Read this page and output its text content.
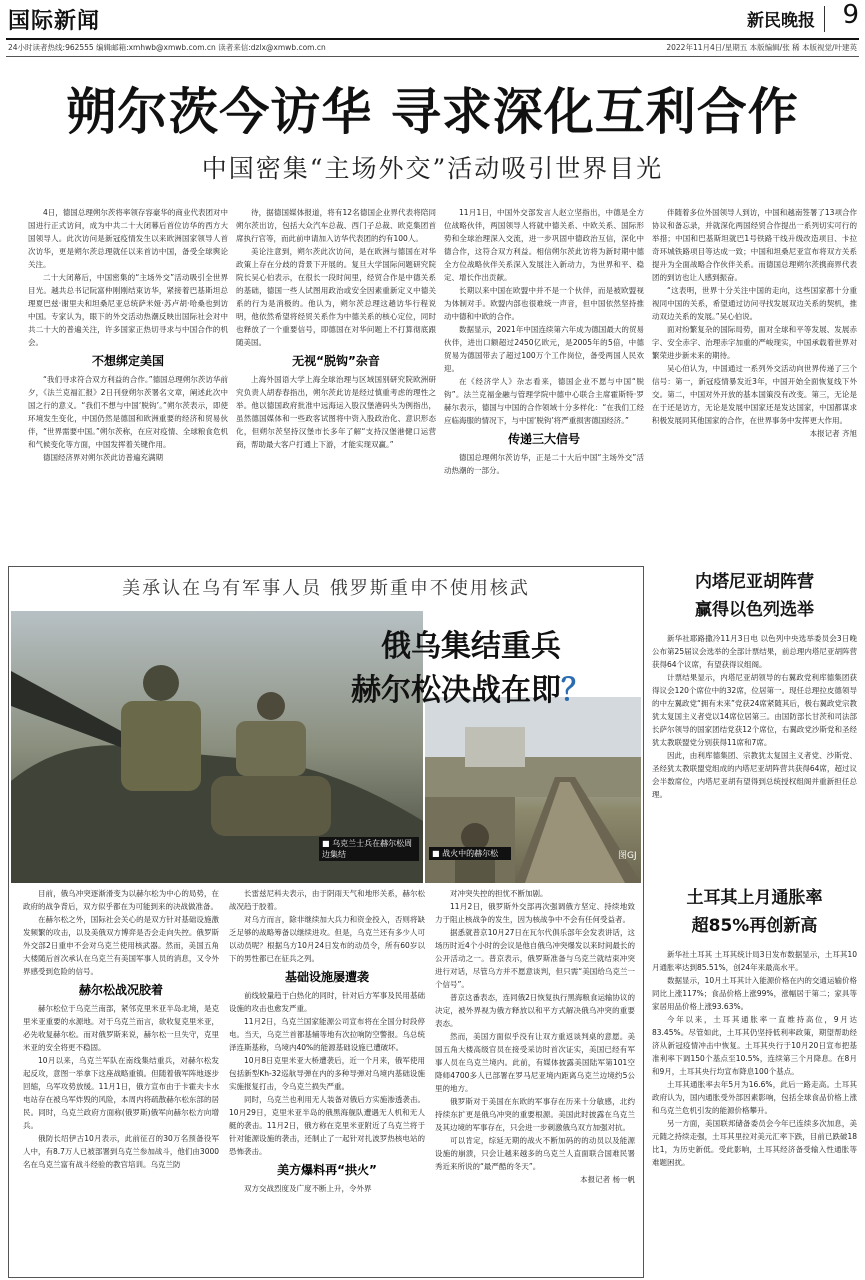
国际新闻	新民晚报 9
24小时读者热线:962555 编辑邮箱:xmhwb@xmwb.com.cn 读者来信:dzlx@xmwb.com.cn	2022年11月4日/星期五 本版编辑/张 稀 本版视觉/叶建英
朔尔茨今访华 寻求深化互利合作
中国密集“主场外交”活动吸引世界目光

4日，德国总理朔尔茨将率领存容豪华的商业代表团对中国进行正式访问，成为中共二十大闭幕后首位访华的西方大国领导人。此次访问是新冠疫情发生以来欧洲国家领导人首次访华，更是朔尔茨总理就任以来首访中国，备受全球舆论关注。

二十大闭幕后，中国密集的“主场外交”活动吸引全世界目光。越共总书记阮富仲刚刚结束访华，紧接着巴基斯坦总理夏巴兹·谢里夫和坦桑尼亚总统萨米娅·苏卢胡·哈桑也到访中国。专家认为，眼下的外交活动热潮反映出国际社会对中共二十大的普遍关注，许多国家正热切寻求与中国合作的机会。

不想绑定美国

“我们寻求符合双方利益的合作。”德国总理朔尔茨访华前夕，《法兰克福汇报》2日刊登朔尔茨署名文章，阐述此次中国之行的意义。“我们不想与中国‘脱钩’。”朔尔茨表示，即使环境发生变化，中国仍然是德国和欧洲重要的经济和贸易伙伴，“世界需要中国。”朔尔茨称，在应对疫情、全球粮食危机和气候变化等方面，中国发挥着关键作用。

德国经济界对朔尔茨此访普遍充满期

待，据德国媒体报道，将有12名德国企业界代表将陪同朔尔茨出访，包括大众汽车总裁、西门子总裁、欧克集团首席执行官等，而此前申请加入访华代表团的约有100人。

美论注意到，朔尔茨此次访问，是在欧洲与德国在对华政策上存在分歧的背景下开展的。复旦大学国际问题研究院院长吴心伯表示，在很长一段时间里，经贸合作是中德关系的基础，德国一些人试图用政治或安全因素重新定义中德关系的行为是消极的。他认为，朔尔茨总理这趟访华行程说明，他依然希望将经贸关系作为中德关系的核心定位，同时也释放了一个重要信号，即德国在对华问题上不打算彻底跟随美国。

无视“脱钩”杂音

上海外国语大学上海全球治理与区域国别研究院欧洲研究负责人胡春春指出，朔尔茨此访是经过慎重考虑的理性之举。他以德国政府批准中远海运入股汉堡港码头为例指出，虽然德国媒体和一些政客试图将中资入股政治化、意识形态化，但朔尔茨坚持汉堡市长多年了解“支持汉堡港健口运营商，帮助最大客户打通上下游，才能实现双赢。”

11月1日，中国外交部发言人赵立坚指出，中德是全方位战略伙伴，两国领导人将就中德关系、中欧关系、国际形势和全球治理深入交流，进一步巩固中德政治互信，深化中德合作，这符合双方利益。相信朔尔茨此访将为新时期中德全方位战略伙伴关系深入发展注入新动力，为世界和平、稳定、增长作出贡献。

长期以来中国在欧盟中并不是一个伙伴，而是被欧盟视为体制对手。欧盟内部也很难统一声音，但中国依然坚持推动中德和中欧的合作。

数据显示，2021年中国连续第六年成为德国最大的贸易伙伴，进出口额超过2450亿欧元，是2005年的5倍，中德贸易为德国带去了超过100万个工作岗位，备受两国人民欢迎。

在《经济学人》杂志看来，德国企业不愿与中国“脱钩”。法兰克福金融与管理学院中德中心联合主席霍斯特·罗赫尔表示，德国与中国的合作领域十分多样化：“在我们工经应临海服的情况下，与中国‘脱钩’将严重损害德国经济。”

传递三大信号

德国总理朔尔茨访华，正是二十大后中国“主场外交”活动热潮的一部分。

伴随着多位外国领导人到访，中国和越南签署了13项合作协议和备忘录，并就深化两国经贸合作提出一系列切实可行的举措；中国和巴基斯坦就巴1号铁路干线升级改造项目、卡拉奇环城铁路项目等达成一致；中国和坦桑尼亚宣布将双方关系提升为全面战略合作伙伴关系。而德国总理朔尔茨携商界代表团的到访也让人感到振奋。

“这表明，世界十分关注中国的走向，这些国家都十分重视同中国的关系，希望通过访问寻找发展双边关系的契机，推动双边关系的发展。”吴心伯说。

面对纷繁复杂的国际局势，面对全球和平等发展、发展赤字、安全赤字、治理赤字加重的严峻现实，中国承载着世界对繁荣进步新未来的期待。

吴心伯认为，中国通过一系列外交活动向世界传递了三个信号：第一，新冠疫情暴发近3年，中国开始全面恢复线下外交。第二，中国对外开放的基本国策没有改变。第三，无论是在于还是访方，无论是发展中国家还是发达国家，中国都谋求积极发展同其他国家的合作，在世界事务中发挥更大作用。

本报记者 齐旭

美承认在乌有军事人员 俄罗斯重申不使用核武
俄乌集结重兵
赫尔松决战在即？
■ 乌克兰士兵在赫尔松周边集结	■ 战火中的赫尔松	图GJ

目前，俄乌冲突逐渐滑变为以赫尔松为中心的局势，在政府的战争背后，双方似乎都在为可能到来的决战做准备。

在赫尔松之外，国际社会关心的是双方针对基础设施激发频繁的攻击，以及美俄双方博弈是否会走向失控。俄罗斯外交部2日重申不会对乌克兰使用核武器。然而，美国五角大楼随后首次承认在乌克兰有美国军事人员的消息，又令外界感受到危险的信号。

赫尔松战况胶着

赫尔松位于乌克兰南部，紧邻克里米亚半岛北境，是克里米亚重要的水源地。对于乌克兰而言，欲收复克里米亚，必先收复赫尔松。而对俄罗斯来说，赫尔松一旦失守，克里米亚的安全将更不稳固。

10月以来，乌克兰军队在南线集结重兵，对赫尔松发起反攻，意图一举拿下这座战略重镇。但随着俄军阵地逐步回缩，乌军攻势放缓。11月1日，俄方宣布由于卡霍夫卡水电站存在被乌军炸毁的风险，本周内将疏散赫尔松东部的居民。同时，乌克兰政府方面称(俄罗斯)俄军向赫尔松方向增兵。

俄防长绍伊古10月表示，此前征召的30万名预备役军人中，有8.7万人已被部署到乌克兰参加战斗，他们由3000名在乌克兰富有战斗经验的教官培训。乌克兰防

长雷兹尼科夫表示，由于阴雨天气和地形关系，赫尔松战况趋于胶着。

对乌方而言，除非继续加大兵力和资金投入，否则将缺乏足够的战略筹备以继续进攻。但是，乌克兰还有多少人可以动员呢？根据乌方10月24日发布的动员令，所有60岁以下的男性都已在征兵之列。

基础设施屡遭袭

前线较量趋于白热化的同时，针对后方军事及民用基础设施的攻击也愈发严重。

11月2日，乌克兰国家能源公司宣布将在全国分时段停电。当天，乌克兰首都基辅等地有次拉响防空警报。乌总统泽连斯基称，乌境内40%的能源基础设施已遭破坏。

10月8日克里米亚大桥遭袭后，近一个月来，俄军使用包括新型Kh-32巡航导弹在内的多种导弹对乌境内基础设施实施报复打击，令乌克兰损失严重。

同时，乌克兰也利用无人装备对俄后方实施渗透袭击。10月29日，克里米亚半岛的俄黑海舰队遭遇无人机和无人艇的袭击。11月2日，俄方称在克里米亚附近了乌克兰将于针对能源设施的袭击，还制止了一起针对扎波罗热核电站的恐怖袭击。

美方爆料再“拱火”

双方交战烈度及广度不断上升，令外界

对冲突失控的担忧不断加剧。

11月2日，俄罗斯外交部再次强调俄方坚定、持续地致力于阻止核战争的发生，因为核战争中不会有任何受益者。

据悉就普京10月27日在瓦尔代俱乐部年会发表讲话，这场历时近4个小时的会议是他自俄乌冲突爆发以来时间最长的公开活动之一。普京表示，俄罗斯准备与乌克兰就结束冲突进行对话，尽管乌方并不愿意谈判，但只需“美国给乌克兰一个信号”。

普京这番表态，连同俄2日恢复执行黑海粮食运输协议的决定，被外界视为俄方释放以和平方式解决俄乌冲突的重要表态。

然而，美国方面似乎没有让双方重返谈判桌的意愿。美国五角大楼高级官员在接受采访时首次证实，美国已经有军事人员在乌克兰境内。此前，有媒体披露美国陆军第101空降师4700多人已部署在罗马尼亚境内距离乌克兰边境约5公里的地方。

俄罗斯对于美国在东欧的军事存在历来十分敏感，北约持续东扩更是俄乌冲突的重要根源。美国此时披露在乌克兰及其边境的军事存在，只会进一步刺激俄乌双方加强对抗。

可以肯定，综延无期的战火不断加码的的动员以及能源设施的崩溃，只会让越来越多的乌克兰人直面联合国难民署秀近来所说的“最严酷的冬天”。

本报记者 杨一帆

内塔尼亚胡阵营
赢得以色列选举

新华社耶路撒冷11月3日电 以色列中央选举委员会3日晚公布第25届议会选举的全部计票结果，前总理内塔尼亚胡阵营获得64个议席，有望获得议组阁。

计票结果显示，内塔尼亚胡领导的右翼政党利库德集团获得议会120个席位中的32席，位居第一。现任总理拉皮德领导的中左翼政党“拥有未来”党获24席紧随其后，极右翼政党宗教犹太复国主义者党以14席位居第三。由国防部长甘茨和司法部长萨尔领导的国家团结党获12个席位，右翼政党沙斯党和圣经犹太教联盟党分别获得11席和7席。

因此，由利库德集团、宗教犹太复国主义者党、沙斯党、圣经犹太教联盟党组成的内塔尼亚胡阵营共获得64席，超过议会半数席位，内塔尼亚胡有望得到总统授权组阁并重新担任总理。

土耳其上月通胀率
超85%再创新高

新华社土耳其 土耳其统计局3日发布数据显示，土耳其10月通胀率达到85.51%，创24年来最高水平。

数据显示，10月土耳其计入能源价格在内的交通运输价格同比上涨117%；食品价格上涨99%，涨幅居于第二；家具等家居用品价格上涨93.63%。

今年以来，土耳其通胀率一直维持高位，9月达83.45%。尽管如此，土耳其仍坚持低利率政策，期望帮助经济从新冠疫情冲击中恢复。土耳其央行于10月20日宣布把基准利率下调150个基点至10.5%，连续第三个月降息。在8月和9月，土耳其央行均宣布降息100个基点。

土耳其通胀率去年5月为16.6%，此后一路走高。土耳其政府认为，国内通胀受外部因素影响，包括全球食品价格上涨和乌克兰危机引发的能源价格攀升。

另一方面，美国联邦储备委员会今年已连续多次加息，美元随之持续走强，土耳其里拉对美元汇率下跌，目前已跌破18比1，为历史新低。受此影响，土耳其经济备受输入性通胀等难题困扰。
